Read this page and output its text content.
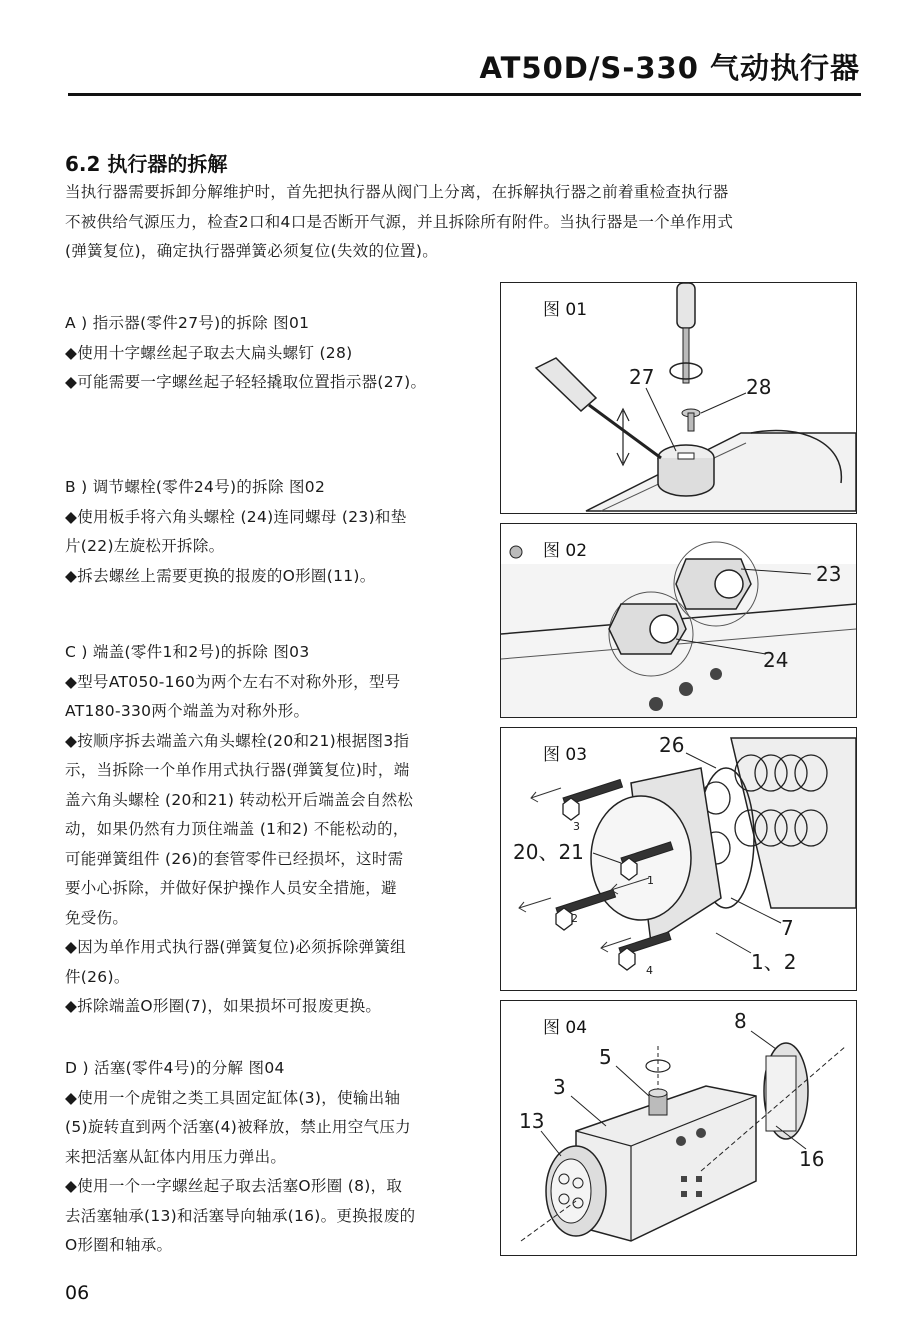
AT50D/S-330 气动执行器
6.2 执行器的拆解
当执行器需要拆卸分解维护时，首先把执行器从阀门上分离，在拆解执行器之前着重检查执行器
不被供给气源压力，检查2口和4口是否断开气源，并且拆除所有附件。当执行器是一个单作用式
(弹簧复位)，确定执行器弹簧必须复位(失效的位置)。
A ) 指示器(零件27号)的拆除 图01
◆使用十字螺丝起子取去大扁头螺钉 (28)
◆可能需要一字螺丝起子轻轻撬取位置指示器(27)。
B ) 调节螺栓(零件24号)的拆除 图02
◆使用板手将六角头螺栓 (24)连同螺母 (23)和垫
片(22)左旋松开拆除。
◆拆去螺丝上需要更换的报废的O形圈(11)。
C ) 端盖(零件1和2号)的拆除 图03
◆型号AT050-160为两个左右不对称外形，型号
AT180-330两个端盖为对称外形。
◆按顺序拆去端盖六角头螺栓(20和21)根据图3指
示，当拆除一个单作用式执行器(弹簧复位)时，端
盖六角头螺栓 (20和21) 转动松开后端盖会自然松
动，如果仍然有力顶住端盖 (1和2) 不能松动的，
可能弹簧组件 (26)的套管零件已经损坏，这时需
要小心拆除，并做好保护操作人员安全措施，避
免受伤。
◆因为单作用式执行器(弹簧复位)必须拆除弹簧组
件(26)。
◆拆除端盖O形圈(7)，如果损坏可报废更换。
D ) 活塞(零件4号)的分解 图04
◆使用一个虎钳之类工具固定缸体(3)，使输出轴
(5)旋转直到两个活塞(4)被释放，禁止用空气压力
来把活塞从缸体内用压力弹出。
◆使用一个一字螺丝起子取去活塞O形圈 (8)，取
去活塞轴承(13)和活塞导向轴承(16)。更换报废的
O形圈和轴承。
图 01
27	28
图 02
23
24
图 03	26
20、21
7
1、2
3
1
2
4
图 04	8
5
3
13
16
06
